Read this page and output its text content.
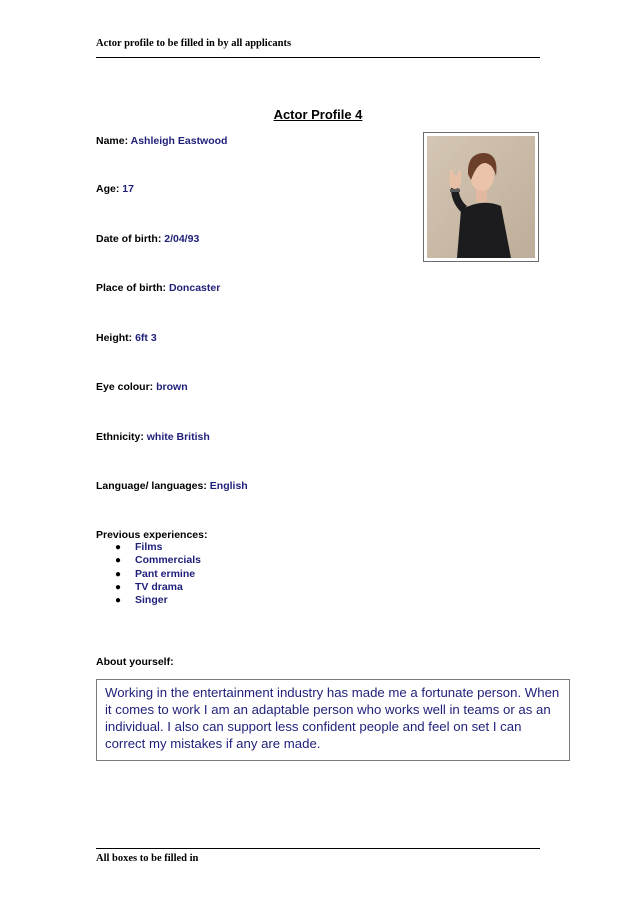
Actor profile to be filled in by all applicants
Actor Profile 4
Name: Ashleigh Eastwood
Age: 17
Date of birth: 2/04/93
Place of birth: Doncaster
Height: 6ft 3
Eye colour: brown
Ethnicity: white British
Language/ languages: English
Previous experiences:
● Films
● Commercials
● Pant ermine
● TV drama
● Singer
About yourself:
Working in the entertainment industry has made me a fortunate person. When it comes to work I am an adaptable person who works well in teams or as an individual. I also can support less confident people and feel on set I can correct my mistakes if any are made.
All boxes to be filled in
